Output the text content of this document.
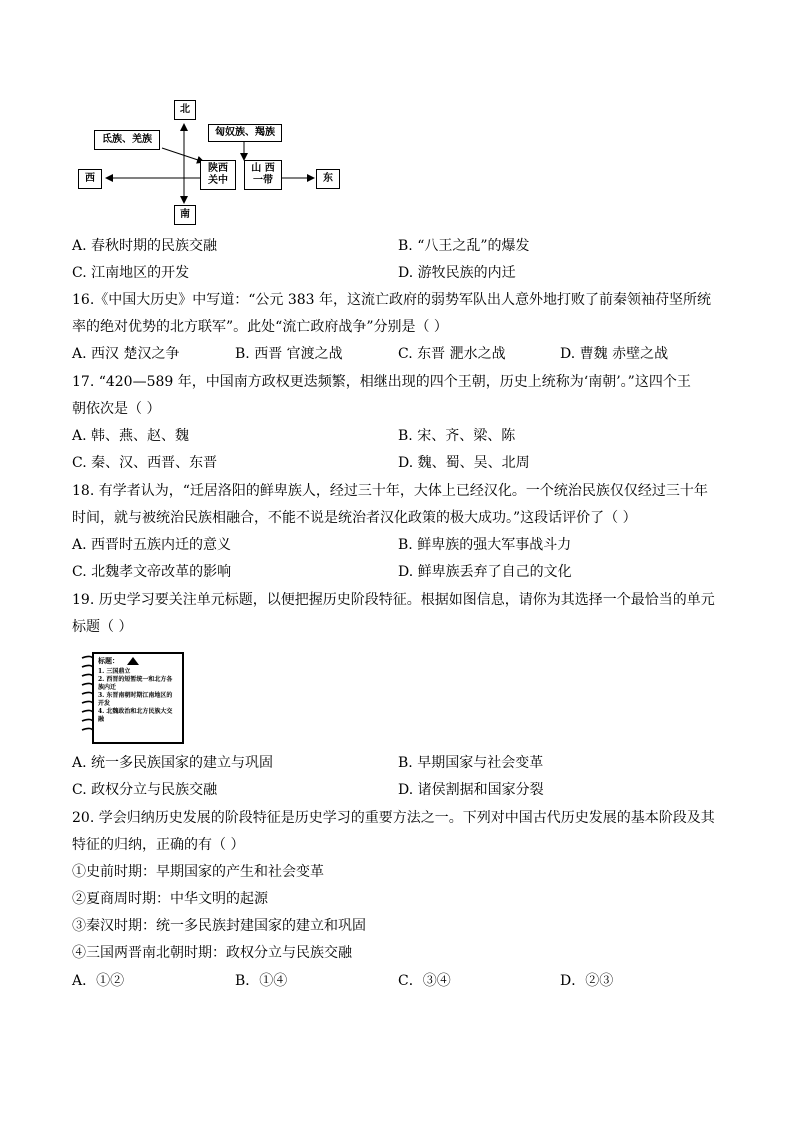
北
南
西	东
氐族、羌族
匈奴族、羯族
陕西
关中
山 西
一带
A. 春秋时期的民族交融	B. “八王之乱”的爆发
C. 江南地区的开发	D. 游牧民族的内迁
16.《中国大历史》中写道：“公元 383 年，这流亡政府的弱势军队出人意外地打败了前秦领袖苻坚所统
率的绝对优势的北方联军”。此处“流亡政府战争”分别是（ ）
A. 西汉 楚汉之争	B. 西晋 官渡之战	C. 东晋 淝水之战	D. 曹魏 赤壁之战
17. “420—589 年，中国南方政权更迭频繁，相继出现的四个王朝，历史上统称为‘南朝’。”这四个王
朝依次是（ ）
A. 韩、燕、赵、魏	B. 宋、齐、梁、陈
C. 秦、汉、西晋、东晋	D. 魏、蜀、吴、北周
18. 有学者认为，“迁居洛阳的鲜卑族人，经过三十年，大体上已经汉化。一个统治民族仅仅经过三十年
时间，就与被统治民族相融合，不能不说是统治者汉化政策的极大成功。”这段话评价了（ ）
A. 西晋时五族内迁的意义	B. 鲜卑族的强大军事战斗力
C. 北魏孝文帝改革的影响	D. 鲜卑族丢弃了自己的文化
19. 历史学习要关注单元标题，以便把握历史阶段特征。根据如图信息，请你为其选择一个最恰当的单元
标题（ ）
标题：
1. 三国鼎立
2. 西晋的短暂统一和北方各族内迁
3. 东晋南朝时期江南地区的开发
4. 北魏政治和北方民族大交融
A. 统一多民族国家的建立与巩固	B. 早期国家与社会变革
C. 政权分立与民族交融	D. 诸侯割据和国家分裂
20. 学会归纳历史发展的阶段特征是历史学习的重要方法之一。下列对中国古代历史发展的基本阶段及其
特征的归纳，正确的有（ ）
①史前时期：早期国家的产生和社会变革
②夏商周时期：中华文明的起源
③秦汉时期：统一多民族封建国家的建立和巩固
④三国两晋南北朝时期：政权分立与民族交融
A．①②	B．①④	C．③④	D．②③
